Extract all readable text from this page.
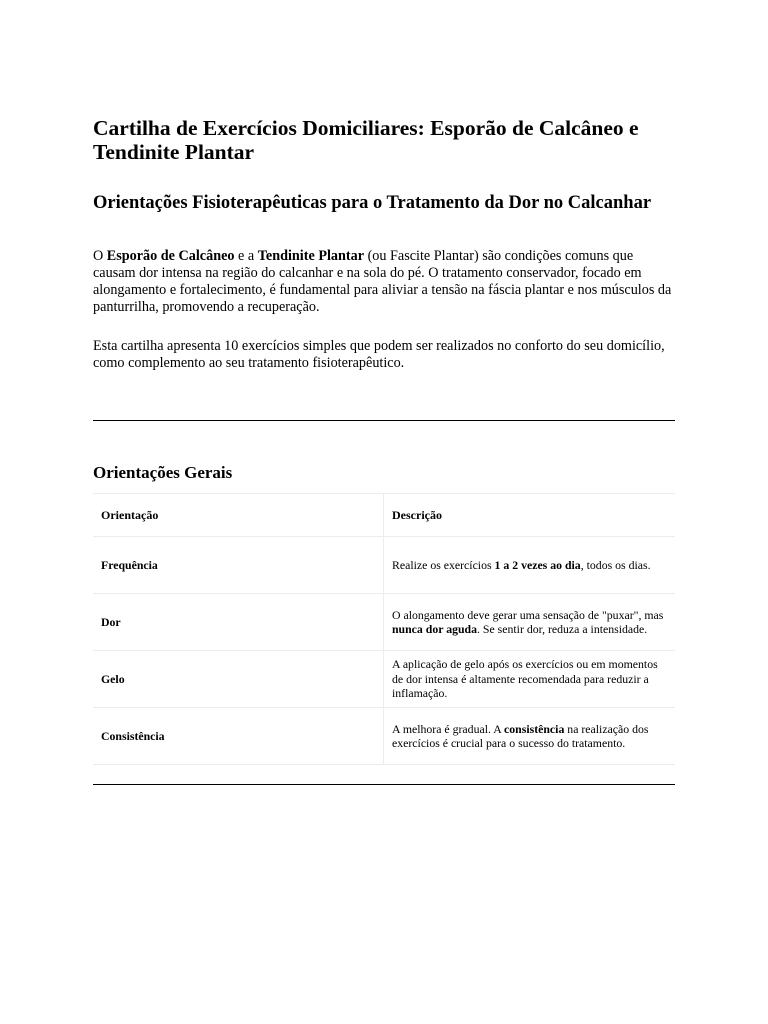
Cartilha de Exercícios Domiciliares: Esporão de Calcâneo e Tendinite Plantar
Orientações Fisioterapêuticas para o Tratamento da Dor no Calcanhar

O Esporão de Calcâneo e a Tendinite Plantar (ou Fascite Plantar) são condições comuns que causam dor intensa na região do calcanhar e na sola do pé. O tratamento conservador, focado em alongamento e fortalecimento, é fundamental para aliviar a tensão na fáscia plantar e nos músculos da panturrilha, promovendo a recuperação.

Esta cartilha apresenta 10 exercícios simples que podem ser realizados no conforto do seu domicílio, como complemento ao seu tratamento fisioterapêutico.

Orientações Gerais
Orientação	Descrição
Frequência	Realize os exercícios 1 a 2 vezes ao dia, todos os dias.
Dor	O alongamento deve gerar uma sensação de "puxar", mas nunca dor aguda. Se sentir dor, reduza a intensidade.
Gelo	A aplicação de gelo após os exercícios ou em momentos de dor intensa é altamente recomendada para reduzir a inflamação.
Consistência	A melhora é gradual. A consistência na realização dos exercícios é crucial para o sucesso do tratamento.
